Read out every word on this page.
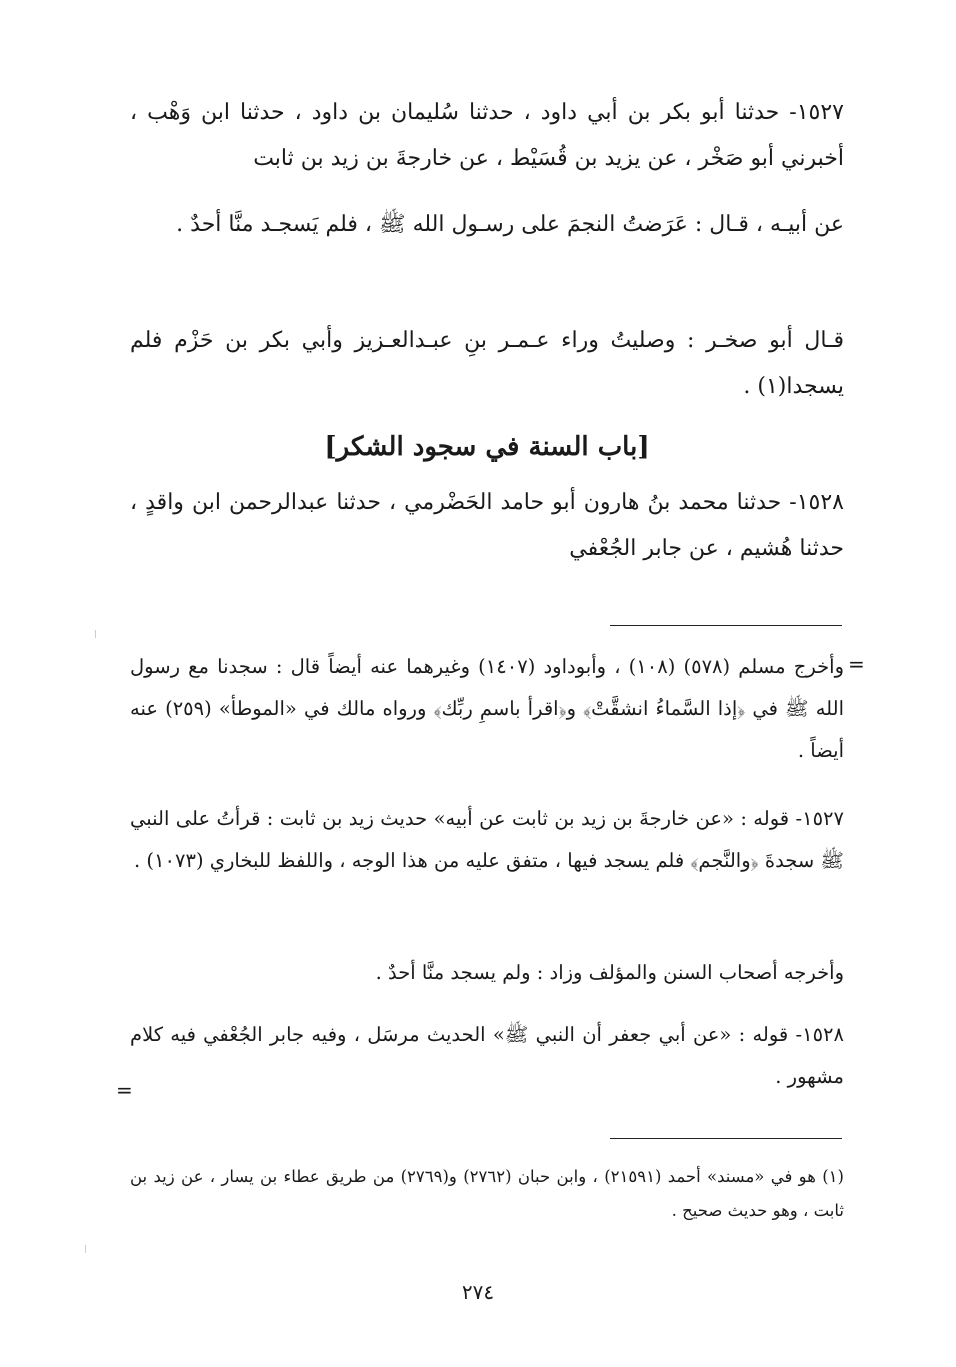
١٥٢٧- حدثنا أبو بكر بن أبي داود ، حدثنا سُليمان بن داود ، حدثنا ابن وَهْب ، أخبرني أبو صَخْر ، عن يزيد بن قُسَيْط ، عن خارجةَ بن زيد بن ثابت

عن أبيـه ، قـال : عَرَضتُ النجمَ على رسـول الله ﷺ ، فلم يَسجـد منَّا أحدٌ .

قـال أبو صخـر : وصليتُ وراء عـمـر بنِ عبـدالعـزيز وأبي بكر بن حَزْم فلم يسجدا(١) .

[باب السنة في سجود الشكر]

١٥٢٨- حدثنا محمد بنُ هارون أبو حامد الحَضْرمي ، حدثنا عبدالرحمن ابن واقدٍ ، حدثنا هُشيم ، عن جابر الجُعْفي

=

وأخرج مسلم (٥٧٨) (١٠٨) ، وأبوداود (١٤٠٧) وغيرهما عنه أيضاً قال : سجدنا مع رسول الله ﷺ في ﴿إذا السَّماءُ انشقَّتْ﴾ و﴿اقرأ باسمِ ربِّك﴾ ورواه مالك في «الموطأ» (٢٥٩) عنه أيضاً .

١٥٢٧- قوله : «عن خارجةَ بن زيد بن ثابت عن أبيه» حديث زيد بن ثابت : قرأتُ على النبي ﷺ سجدةَ ﴿والنَّجم﴾ فلم يسجد فيها ، متفق عليه من هذا الوجه ، واللفظ للبخاري (١٠٧٣) .

وأخرجه أصحاب السنن والمؤلف وزاد : ولم يسجد منَّا أحدٌ .

١٥٢٨- قوله : «عن أبي جعفر أن النبي ﷺ» الحديث مرسَل ، وفيه جابر الجُعْفي فيه كلام مشهور .

=

(١) هو في «مسند» أحمد (٢١٥٩١) ، وابن حبان (٢٧٦٢) و(٢٧٦٩) من طريق عطاء بن يسار ، عن زيد بن ثابت ، وهو حديث صحيح .

٢٧٤
